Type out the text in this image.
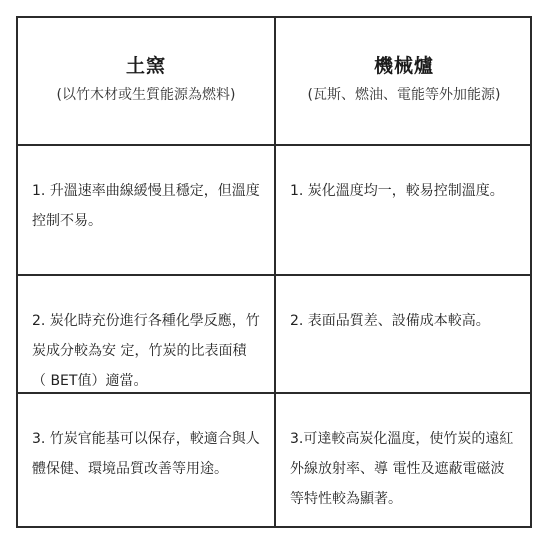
土窯
(以竹木材或生質能源為燃料)
機械爐
(瓦斯、燃油、電能等外加能源)
1. 升溫速率曲線緩慢且穩定，但溫度控制不易。
1. 炭化溫度均一，較易控制溫度。
2. 炭化時充份進行各種化學反應，竹炭成分較為安 定，竹炭的比表面積（ BET值）適當。
2. 表面品質差、設備成本較高。
3. 竹炭官能基可以保存，較適合與人體保健、環境品質改善等用途。
3.可達較高炭化溫度，使竹炭的遠紅外線放射率、導 電性及遮蔽電磁波等特性較為顯著。
